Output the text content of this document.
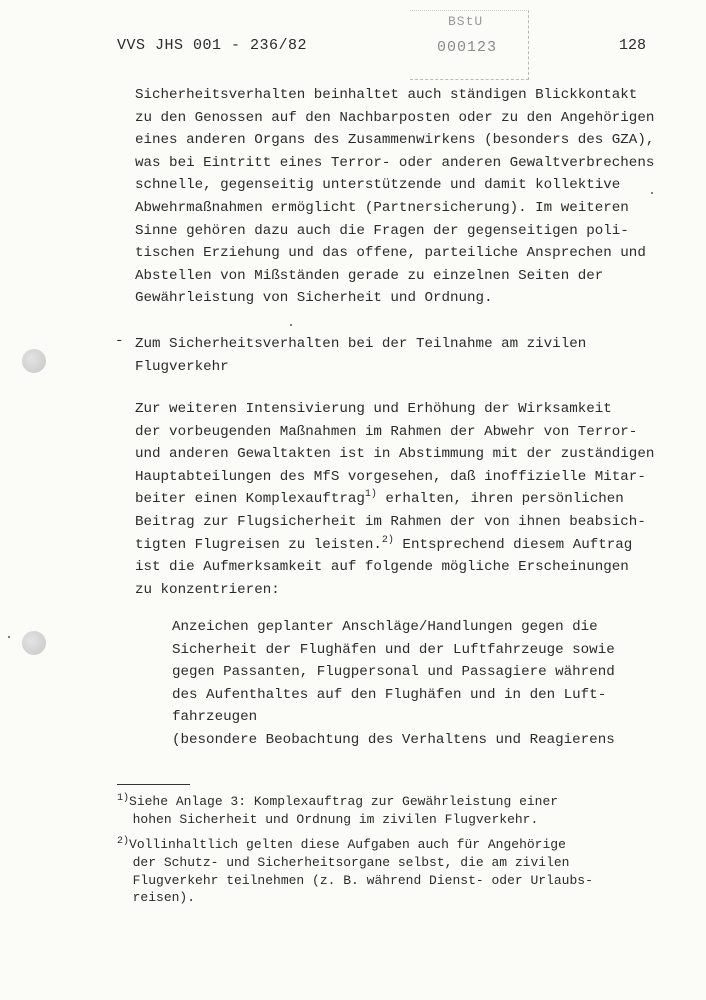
VVS JHS 001 - 236/82
BStU
000123	128
Sicherheitsverhalten beinhaltet auch ständigen Blickkontakt
zu den Genossen auf den Nachbarposten oder zu den Angehörigen
eines anderen Organs des Zusammenwirkens (besonders des GZA),
was bei Eintritt eines Terror- oder anderen Gewaltverbrechens
schnelle, gegenseitig unterstützende und damit kollektive
Abwehrmaßnahmen ermöglicht (Partnersicherung). Im weiteren
Sinne gehören dazu auch die Fragen der gegenseitigen poli-
tischen Erziehung und das offene, parteiliche Ansprechen und
Abstellen von Mißständen gerade zu einzelnen Seiten der
Gewährleistung von Sicherheit und Ordnung.
- Zum Sicherheitsverhalten bei der Teilnahme am zivilen
Flugverkehr
Zur weiteren Intensivierung und Erhöhung der Wirksamkeit
der vorbeugenden Maßnahmen im Rahmen der Abwehr von Terror-
und anderen Gewaltakten ist in Abstimmung mit der zuständigen
Hauptabteilungen des MfS vorgesehen, daß inoffizielle Mitar-
beiter einen Komplexauftrag$^{1)}$ erhalten, ihren persönlichen
Beitrag zur Flugsicherheit im Rahmen der von ihnen beabsich-
tigten Flugreisen zu leisten.$^{2)}$ Entsprechend diesem Auftrag
ist die Aufmerksamkeit auf folgende mögliche Erscheinungen
zu konzentrieren:
Anzeichen geplanter Anschläge/Handlungen gegen die
Sicherheit der Flughäfen und der Luftfahrzeuge sowie
gegen Passanten, Flugpersonal und Passagiere während
des Aufenthaltes auf den Flughäfen und in den Luft-
fahrzeugen
(besondere Beobachtung des Verhaltens und Reagierens
$^{1)}$Siehe Anlage 3: Komplexauftrag zur Gewährleistung einer
hohen Sicherheit und Ordnung im zivilen Flugverkehr.
$^{2)}$Vollinhaltlich gelten diese Aufgaben auch für Angehörige
der Schutz- und Sicherheitsorgane selbst, die am zivilen
Flugverkehr teilnehmen (z. B. während Dienst- oder Urlaubs-
reisen).
